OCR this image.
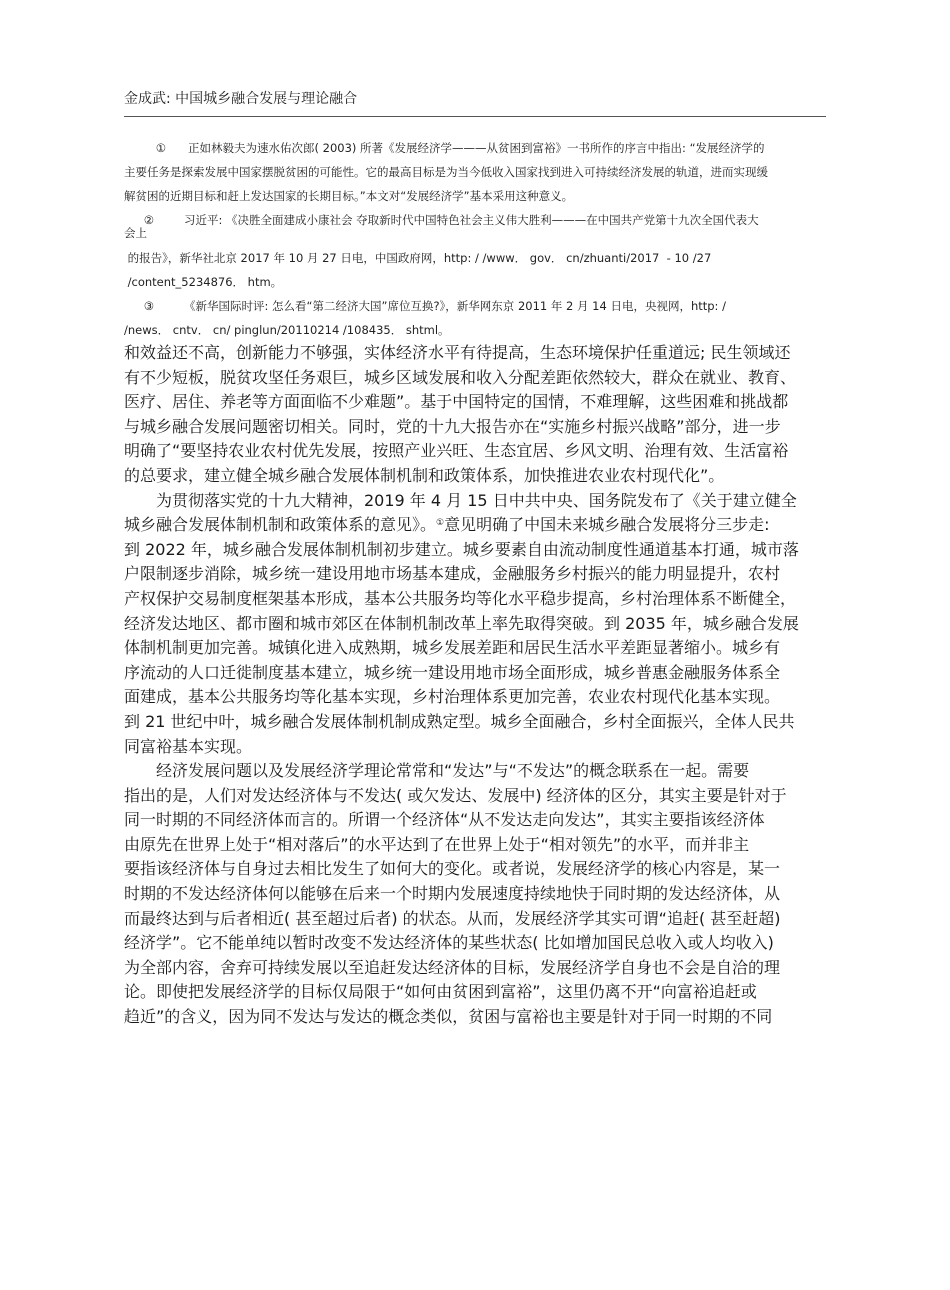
金成武: 中国城乡融合发展与理论融合
① 正如林毅夫为速水佑次郎( 2003) 所著《发展经济学———从贫困到富裕》一书所作的序言中指出: “发展经济学的
主要任务是探索发展中国家摆脱贫困的可能性。它的最高目标是为当今低收入国家找到进入可持续经济发展的轨道，进而实现缓
解贫困的近期目标和赶上发达国家的长期目标。”本文对“发展经济学”基本采用这种意义。
②	习近平: 《决胜全面建成小康社会 夺取新时代中国特色社会主义伟大胜利———在中国共产党第十九次全国代表大
会上
的报告》，新华社北京 2017 年 10 月 27 日电，中国政府网，http: / /www． gov． cn/zhuanti/2017  - 10 /27
/content_5234876． htm。
③	《新华国际时评: 怎么看“第二经济大国”席位互换?》，新华网东京 2011 年 2 月 14 日电，央视网，http: /
/news． cntv． cn/ pinglun/20110214 /108435． shtml。
和效益还不高，创新能力不够强，实体经济水平有待提高，生态环境保护任重道远; 民生领域还
有不少短板，脱贫攻坚任务艰巨，城乡区域发展和收入分配差距依然较大，群众在就业、教育、
医疗、居住、养老等方面面临不少难题”。基于中国特定的国情，不难理解，这些困难和挑战都
与城乡融合发展问题密切相关。同时，党的十九大报告亦在“实施乡村振兴战略”部分，进一步
明确了“要坚持农业农村优先发展，按照产业兴旺、生态宜居、乡风文明、治理有效、生活富裕
的总要求，建立健全城乡融合发展体制机制和政策体系，加快推进农业农村现代化”。
为贯彻落实党的十九大精神，2019 年 4 月 15 日中共中央、国务院发布了《关于建立健全
城乡融合发展体制机制和政策体系的意见》。①意见明确了中国未来城乡融合发展将分三步走:
到 2022 年，城乡融合发展体制机制初步建立。城乡要素自由流动制度性通道基本打通，城市落
户限制逐步消除，城乡统一建设用地市场基本建成，金融服务乡村振兴的能力明显提升，农村
产权保护交易制度框架基本形成，基本公共服务均等化水平稳步提高，乡村治理体系不断健全，
经济发达地区、都市圈和城市郊区在体制机制改革上率先取得突破。到 2035 年，城乡融合发展
体制机制更加完善。城镇化进入成熟期，城乡发展差距和居民生活水平差距显著缩小。城乡有
序流动的人口迁徙制度基本建立，城乡统一建设用地市场全面形成，城乡普惠金融服务体系全
面建成，基本公共服务均等化基本实现，乡村治理体系更加完善，农业农村现代化基本实现。
到 21 世纪中叶，城乡融合发展体制机制成熟定型。城乡全面融合，乡村全面振兴，全体人民共
同富裕基本实现。
经济发展问题以及发展经济学理论常常和“发达”与“不发达”的概念联系在一起。需要
指出的是，人们对发达经济体与不发达( 或欠发达、发展中) 经济体的区分，其实主要是针对于
同一时期的不同经济体而言的。所谓一个经济体“从不发达走向发达”，其实主要指该经济体
由原先在世界上处于“相对落后”的水平达到了在世界上处于“相对领先”的水平，而并非主
要指该经济体与自身过去相比发生了如何大的变化。或者说，发展经济学的核心内容是，某一
时期的不发达经济体何以能够在后来一个时期内发展速度持续地快于同时期的发达经济体，从
而最终达到与后者相近( 甚至超过后者) 的状态。从而，发展经济学其实可谓“追赶( 甚至赶超)
经济学”。它不能单纯以暂时改变不发达经济体的某些状态( 比如增加国民总收入或人均收入)
为全部内容，舍弃可持续发展以至追赶发达经济体的目标，发展经济学自身也不会是自洽的理
论。即使把发展经济学的目标仅局限于“如何由贫困到富裕”，这里仍离不开“向富裕追赶或
趋近”的含义，因为同不发达与发达的概念类似，贫困与富裕也主要是针对于同一时期的不同
